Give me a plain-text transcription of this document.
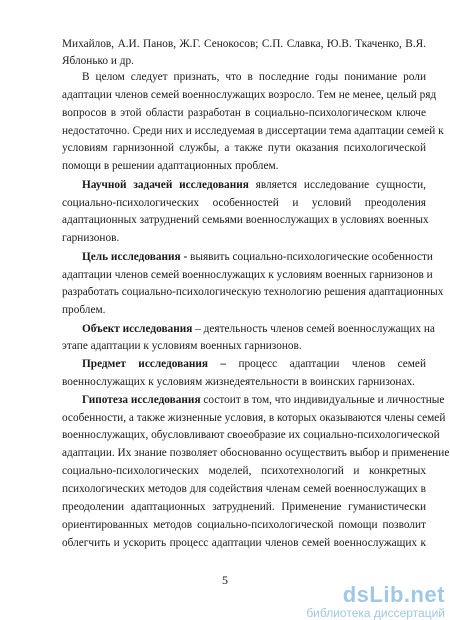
Михайлов, А.И. Панов, Ж.Г. Сенокосов; С.П. Славка, Ю.В. Ткаченко, В.Я.
Яблонько и др.
В целом следует признать, что в последние годы понимание роли
адаптации членов семей военнослужащих возросло. Тем не менее, целый ряд
вопросов в этой области разработан в социально-психологическом ключе
недостаточно. Среди них и исследуемая в диссертации тема адаптации семей к
условиям гарнизонной службы, а также пути оказания психологической
помощи в решении адаптационных проблем.
Научной задачей исследования является исследование сущности,
социально-психологических особенностей и условий преодоления
адаптационных затруднений семьями военнослужащих в условиях военных
гарнизонов.
Цель исследования - выявить социально-психологические особенности
адаптации членов семей военнослужащих к условиям военных гарнизонов и
разработать социально-психологическую технологию решения адаптационных
проблем.
Объект исследования – деятельность членов семей военнослужащих на
этапе адаптации к условиям военных гарнизонов.
Предмет исследования – процесс адаптации членов семей
военнослужащих к условиям жизнедеятельности в воинских гарнизонах.
Гипотеза исследования состоит в том, что индивидуальные и личностные
особенности, а также жизненные условия, в которых оказываются члены семей
военнослужащих, обусловливают своеобразие их социально-психологической
адаптации. Их знание позволяет обоснованно осуществить выбор и применение
социально-психологических моделей, психотехнологий и конкретных
психологических методов для содействия членам семей военнослужащих в
преодолении адаптационных затруднений. Применение гуманистически
ориентированных методов социально-психологической помощи позволит
облегчить и ускорить процесс адаптации членов семей военнослужащих к
5
dsLib.net
библиотека диссертаций
